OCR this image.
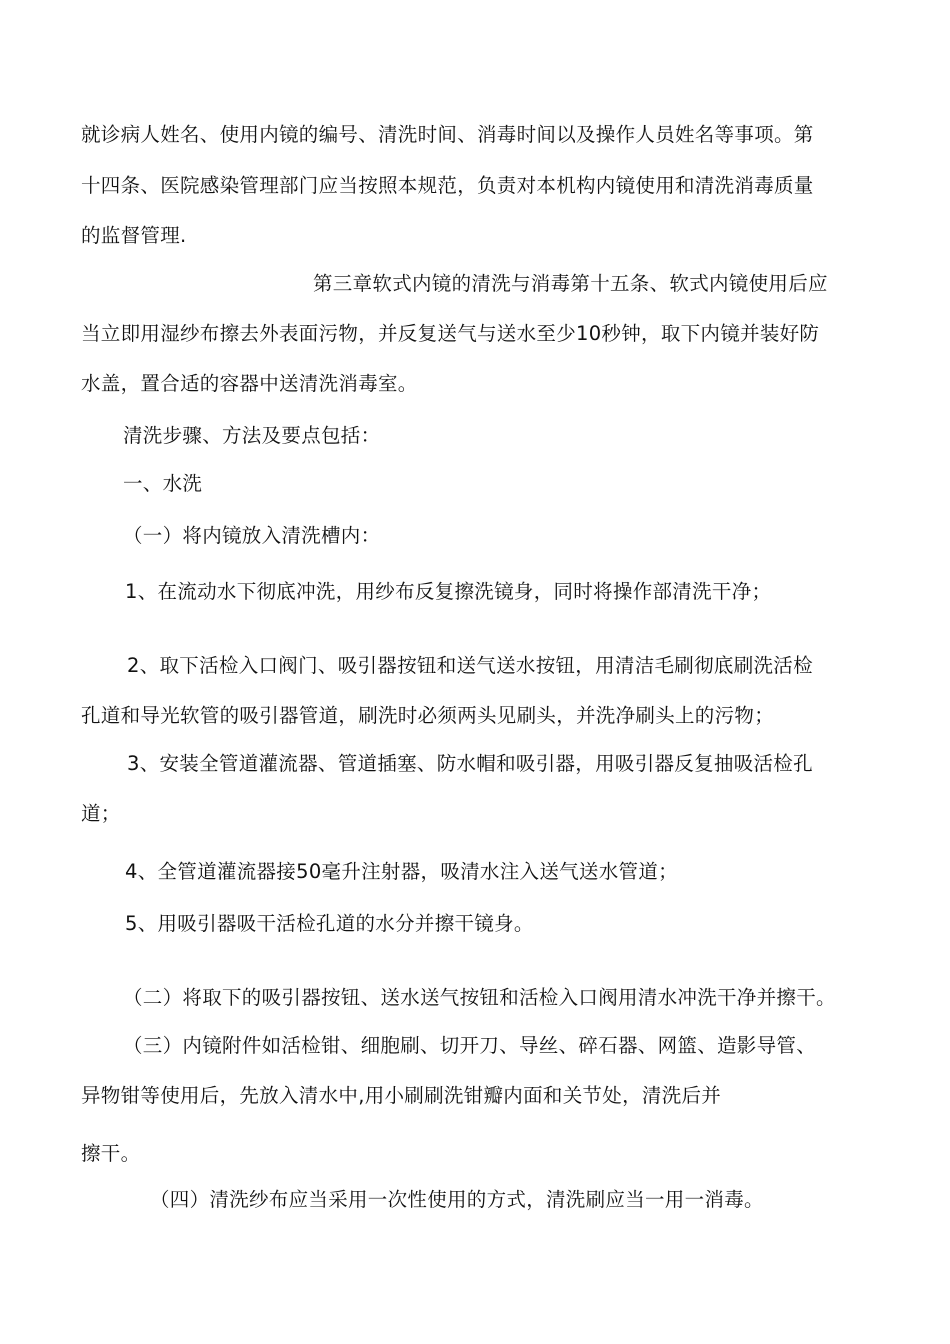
就诊病人姓名、使用内镜的编号、清洗时间、消毒时间以及操作人员姓名等事项。第
十四条、医院感染管理部门应当按照本规范，负责对本机构内镜使用和清洗消毒质量
的监督管理.
第三章软式内镜的清洗与消毒第十五条、软式内镜使用后应
当立即用湿纱布擦去外表面污物，并反复送气与送水至少10秒钟，取下内镜并装好防
水盖，置合适的容器中送清洗消毒室。
清洗步骤、方法及要点包括：
一、水洗
（一）将内镜放入清洗槽内：
1、在流动水下彻底冲洗，用纱布反复擦洗镜身，同时将操作部清洗干净；
2、取下活检入口阀门、吸引器按钮和送气送水按钮，用清洁毛刷彻底刷洗活检
孔道和导光软管的吸引器管道，刷洗时必须两头见刷头，并洗净刷头上的污物；
3、安装全管道灌流器、管道插塞、防水帽和吸引器，用吸引器反复抽吸活检孔
道；
4、全管道灌流器接50毫升注射器，吸清水注入送气送水管道；
5、用吸引器吸干活检孔道的水分并擦干镜身。
（二）将取下的吸引器按钮、送水送气按钮和活检入口阀用清水冲洗干净并擦干。
（三）内镜附件如活检钳、细胞刷、切开刀、导丝、碎石器、网篮、造影导管、
异物钳等使用后，先放入清水中,用小刷刷洗钳瓣内面和关节处，清洗后并
擦干。
（四）清洗纱布应当采用一次性使用的方式，清洗刷应当一用一消毒。
